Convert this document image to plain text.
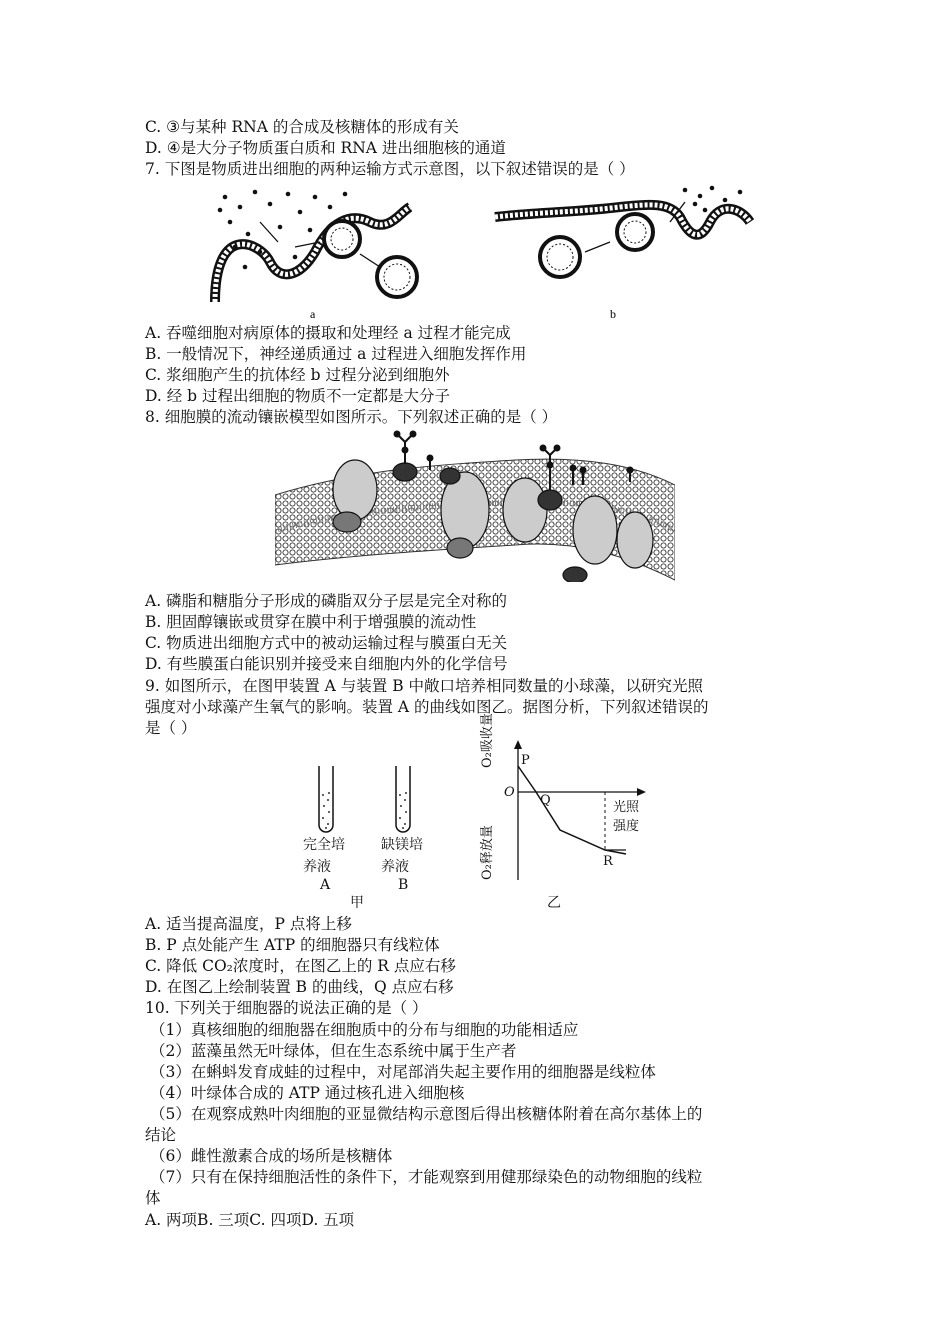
C. ③与某种 RNA 的合成及核糖体的形成有关
D. ④是大分子物质蛋白质和 RNA 进出细胞核的通道
7. 下图是物质进出细胞的两种运输方式示意图，以下叙述错误的是（ ）
a	b
A. 吞噬细胞对病原体的摄取和处理经 a 过程才能完成
B. 一般情况下，神经递质通过 a 过程进入细胞发挥作用
C. 浆细胞产生的抗体经 b 过程分泌到细胞外
D. 经 b 过程出细胞的物质不一定都是大分子
8. 细胞膜的流动镶嵌模型如图所示。下列叙述正确的是（ ）
A. 磷脂和糖脂分子形成的磷脂双分子层是完全对称的
B. 胆固醇镶嵌或贯穿在膜中利于增强膜的流动性
C. 物质进出细胞方式中的被动运输过程与膜蛋白无关
D. 有些膜蛋白能识别并接受来自细胞内外的化学信号
9. 如图所示，在图甲装置 A 与装置 B 中敞口培养相同数量的小球藻，以研究光照
强度对小球藻产生氧气的影响。装置 A 的曲线如图乙。据图分析，下列叙述错误的
是（ ）
完全培
养液
A
缺镁培
养液
B
甲
O₂吸收量
O₂释放量
P
O
Q
R
光照
强度
乙
A. 适当提高温度，P 点将上移
B. P 点处能产生 ATP 的细胞器只有线粒体
C. 降低 CO₂浓度时，在图乙上的 R 点应右移
D. 在图乙上绘制装置 B 的曲线，Q 点应右移
10. 下列关于细胞器的说法正确的是（ ）
（1）真核细胞的细胞器在细胞质中的分布与细胞的功能相适应
（2）蓝藻虽然无叶绿体，但在生态系统中属于生产者
（3）在蝌蚪发育成蛙的过程中，对尾部消失起主要作用的细胞器是线粒体
（4）叶绿体合成的 ATP 通过核孔进入细胞核
（5）在观察成熟叶肉细胞的亚显微结构示意图后得出核糖体附着在高尔基体上的
结论
（6）雌性激素合成的场所是核糖体
（7）只有在保持细胞活性的条件下，才能观察到用健那绿染色的动物细胞的线粒
体
A. 两项B. 三项C. 四项D. 五项
